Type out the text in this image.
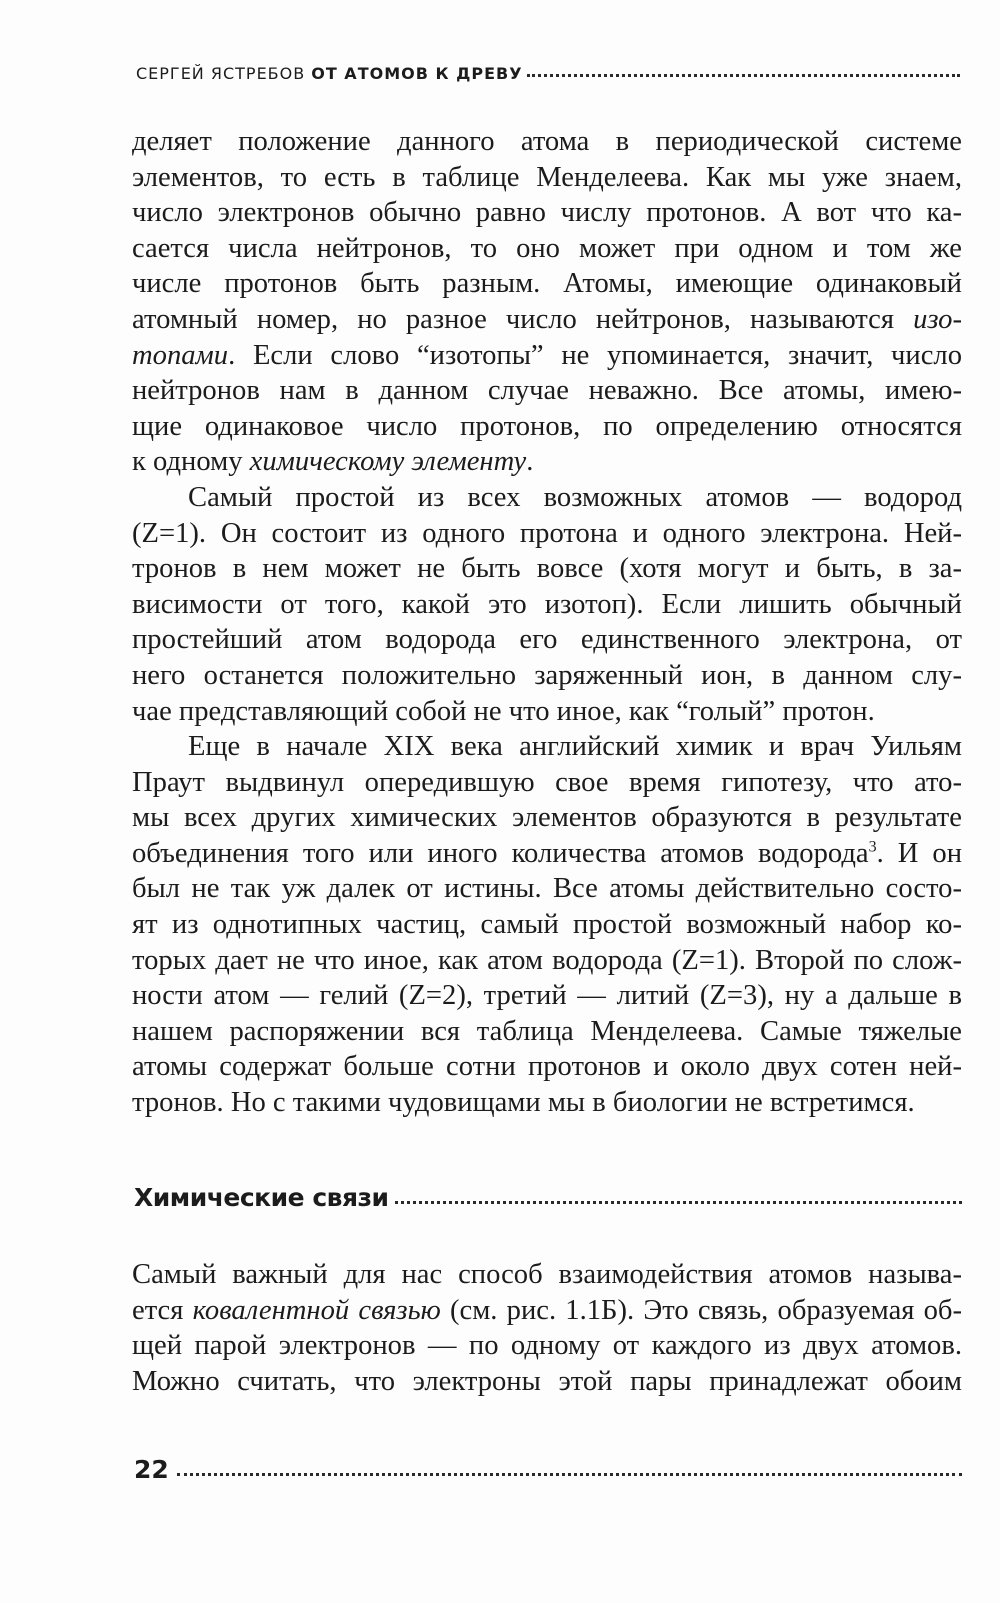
СЕРГЕЙ ЯСТРЕБОВ ОТ АТОМОВ К ДРЕВУ
деляет положение данного атома в периодической системе
элементов, то есть в таблице Менделеева. Как мы уже знаем,
число электронов обычно равно числу протонов. А вот что ка-
сается числа нейтронов, то оно может при одном и том же
числе протонов быть разным. Атомы, имеющие одинаковый
атомный номер, но разное число нейтронов, называются изо-
топами. Если слово “изотопы” не упоминается, значит, число
нейтронов нам в данном случае неважно. Все атомы, имею-
щие одинаковое число протонов, по определению относятся
к одному химическому элементу.
Самый простой из всех возможных атомов — водород
(Z=1). Он состоит из одного протона и одного электрона. Ней-
тронов в нем может не быть вовсе (хотя могут и быть, в за-
висимости от того, какой это изотоп). Если лишить обычный
простейший атом водорода его единственного электрона, от
него останется положительно заряженный ион, в данном слу-
чае представляющий собой не что иное, как “голый” протон.
Еще в начале XIX века английский химик и врач Уильям
Праут выдвинул опередившую свое время гипотезу, что ато-
мы всех других химических элементов образуются в результате
объединения того или иного количества атомов водорода$^3$. И он
был не так уж далек от истины. Все атомы действительно состо-
ят из однотипных частиц, самый простой возможный набор ко-
торых дает не что иное, как атом водорода (Z=1). Второй по слож-
ности атом — гелий (Z=2), третий — литий (Z=3), ну а дальше в
нашем распоряжении вся таблица Менделеева. Самые тяжелые
атомы содержат больше сотни протонов и около двух сотен ней-
тронов. Но с такими чудовищами мы в биологии не встретимся.
Химические связи
Самый важный для нас способ взаимодействия атомов называ-
ется ковалентной связью (см. рис. 1.1Б). Это связь, образуемая об-
щей парой электронов — по одному от каждого из двух атомов.
Можно считать, что электроны этой пары принадлежат обоим
22
